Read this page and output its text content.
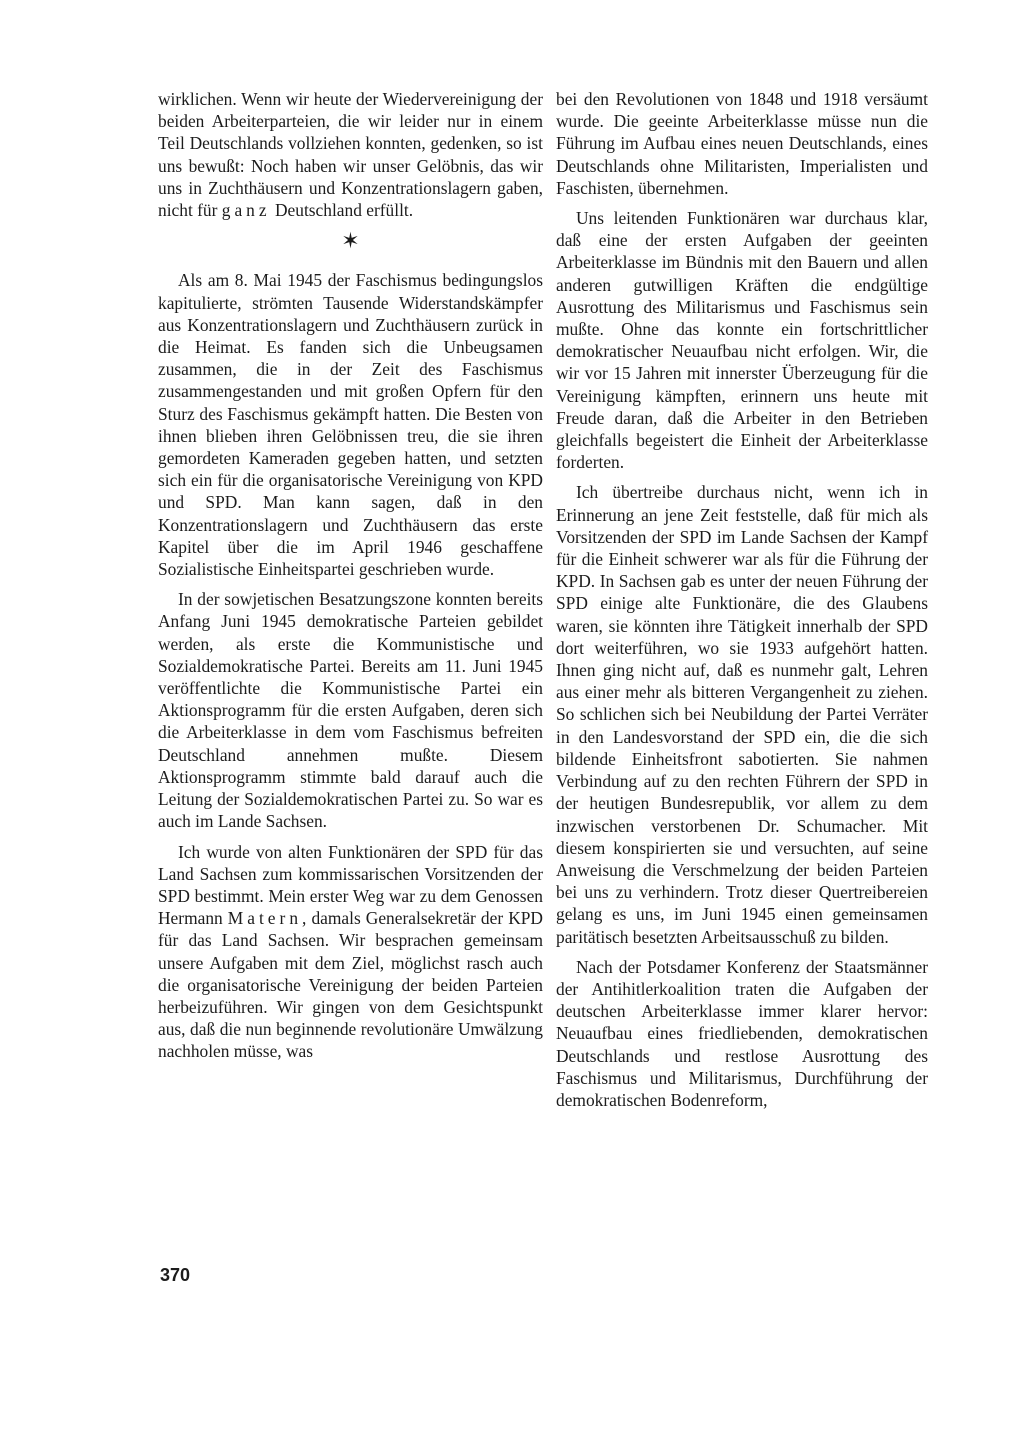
wirklichen. Wenn wir heute der Wiedervereinigung der beiden Arbeiterparteien, die wir leider nur in einem Teil Deutschlands vollziehen konnten, gedenken, so ist uns bewußt: Noch haben wir unser Gelöbnis, das wir uns in Zuchthäusern und Konzentrationslagern gaben, nicht für ganz Deutschland erfüllt.

✶

Als am 8. Mai 1945 der Faschismus bedingungslos kapitulierte, strömten Tausende Widerstandskämpfer aus Konzentrationslagern und Zuchthäusern zurück in die Heimat. Es fanden sich die Unbeugsamen zusammen, die in der Zeit des Faschismus zusammengestanden und mit großen Opfern für den Sturz des Faschismus gekämpft hatten. Die Besten von ihnen blieben ihren Gelöbnissen treu, die sie ihren gemordeten Kameraden gegeben hatten, und setzten sich ein für die organisatorische Vereinigung von KPD und SPD. Man kann sagen, daß in den Konzentrationslagern und Zuchthäusern das erste Kapitel über die im April 1946 geschaffene Sozialistische Einheitspartei geschrieben wurde.

In der sowjetischen Besatzungszone konnten bereits Anfang Juni 1945 demokratische Parteien gebildet werden, als erste die Kommunistische und Sozialdemokratische Partei. Bereits am 11. Juni 1945 veröffentlichte die Kommunistische Partei ein Aktionsprogramm für die ersten Aufgaben, deren sich die Arbeiterklasse in dem vom Faschismus befreiten Deutschland annehmen mußte. Diesem Aktionsprogramm stimmte bald darauf auch die Leitung der Sozialdemokratischen Partei zu. So war es auch im Lande Sachsen.

Ich wurde von alten Funktionären der SPD für das Land Sachsen zum kommissarischen Vorsitzenden der SPD bestimmt. Mein erster Weg war zu dem Genossen Hermann Matern, damals Generalsekretär der KPD für das Land Sachsen. Wir besprachen gemeinsam unsere Aufgaben mit dem Ziel, möglichst rasch auch die organisatorische Vereinigung der beiden Parteien herbeizuführen. Wir gingen von dem Gesichtspunkt aus, daß die nun beginnende revolutionäre Umwälzung nachholen müsse, was

bei den Revolutionen von 1848 und 1918 versäumt wurde. Die geeinte Arbeiterklasse müsse nun die Führung im Aufbau eines neuen Deutschlands, eines Deutschlands ohne Militaristen, Imperialisten und Faschisten, übernehmen.

Uns leitenden Funktionären war durchaus klar, daß eine der ersten Aufgaben der geeinten Arbeiterklasse im Bündnis mit den Bauern und allen anderen gutwilligen Kräften die endgültige Ausrottung des Militarismus und Faschismus sein mußte. Ohne das konnte ein fortschrittlicher demokratischer Neuaufbau nicht erfolgen. Wir, die wir vor 15 Jahren mit innerster Überzeugung für die Vereinigung kämpften, erinnern uns heute mit Freude daran, daß die Arbeiter in den Betrieben gleichfalls begeistert die Einheit der Arbeiterklasse forderten.

Ich übertreibe durchaus nicht, wenn ich in Erinnerung an jene Zeit feststelle, daß für mich als Vorsitzenden der SPD im Lande Sachsen der Kampf für die Einheit schwerer war als für die Führung der KPD. In Sachsen gab es unter der neuen Führung der SPD einige alte Funktionäre, die des Glaubens waren, sie könnten ihre Tätigkeit innerhalb der SPD dort weiterführen, wo sie 1933 aufgehört hatten. Ihnen ging nicht auf, daß es nunmehr galt, Lehren aus einer mehr als bitteren Vergangenheit zu ziehen. So schlichen sich bei Neubildung der Partei Verräter in den Landesvorstand der SPD ein, die die sich bildende Einheitsfront sabotierten. Sie nahmen Verbindung auf zu den rechten Führern der SPD in der heutigen Bundesrepublik, vor allem zu dem inzwischen verstorbenen Dr. Schumacher. Mit diesem konspirierten sie und versuchten, auf seine Anweisung die Verschmelzung der beiden Parteien bei uns zu verhindern. Trotz dieser Quertreibereien gelang es uns, im Juni 1945 einen gemeinsamen paritätisch besetzten Arbeitsausschuß zu bilden.

Nach der Potsdamer Konferenz der Staatsmänner der Antihitlerkoalition traten die Aufgaben der deutschen Arbeiterklasse immer klarer hervor: Neuaufbau eines friedliebenden, demokratischen Deutschlands und restlose Ausrottung des Faschismus und Militarismus, Durchführung der demokratischen Bodenreform,

370
